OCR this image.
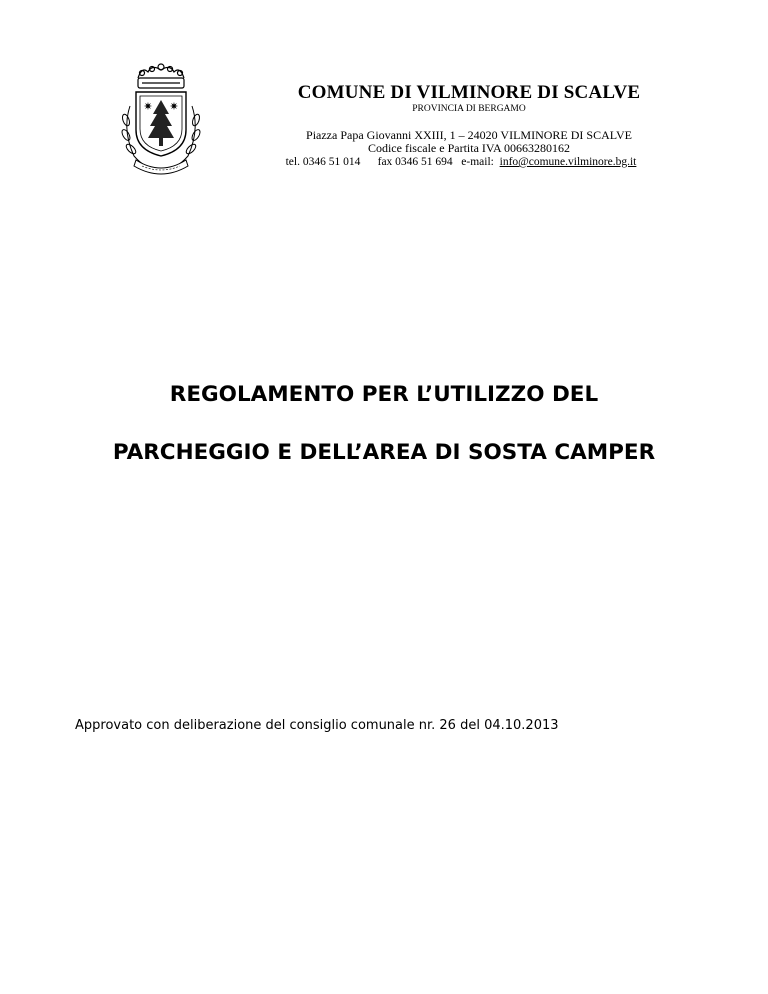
✷ ✷
COMUNE DI VILMINORE DI SCALVE
PROVINCIA DI BERGAMO
Piazza Papa Giovanni XXIII, 1 – 24020 VILMINORE DI SCALVE
Codice fiscale e Partita IVA 00663280162
tel. 0346 51 014 fax 0346 51 694 e-mail: info@comune.vilminore.bg.it
REGOLAMENTO PER L’UTILIZZO DEL
PARCHEGGIO E DELL’AREA DI SOSTA CAMPER
Approvato con deliberazione del consiglio comunale nr. 26 del 04.10.2013
